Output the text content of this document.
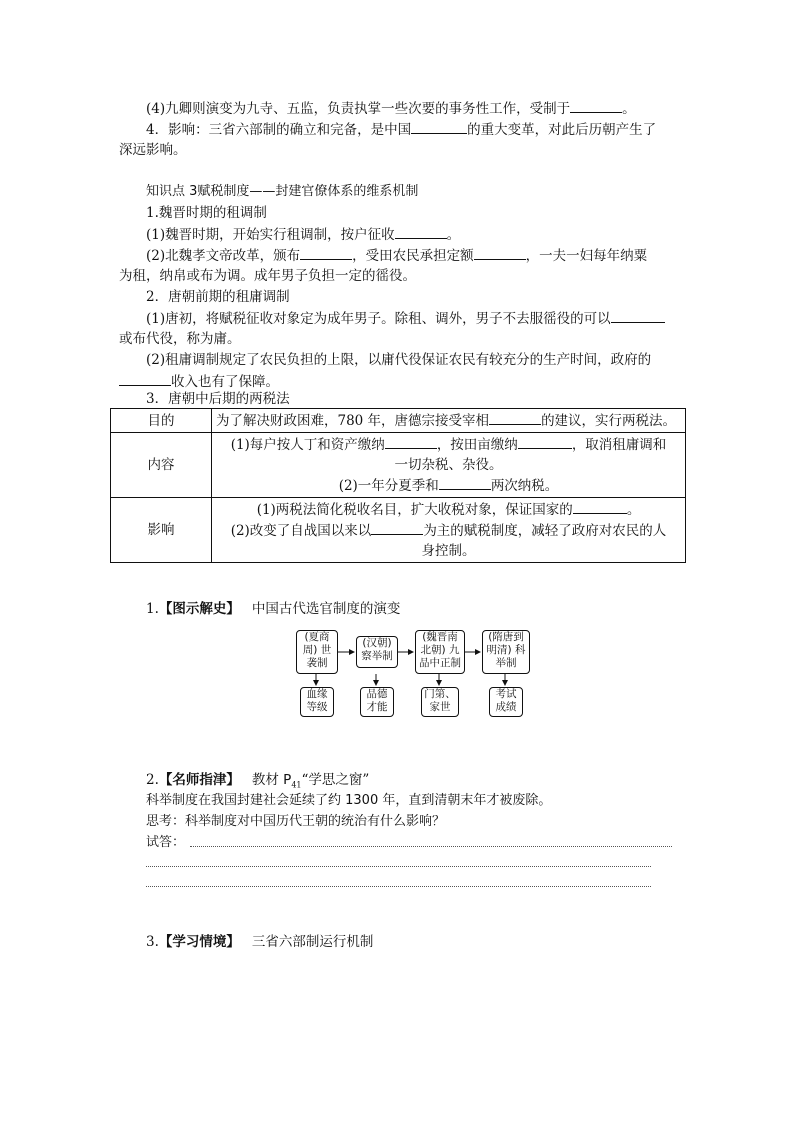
(4)九卿则演变为九寺、五监，负责执掌一些次要的事务性工作，受制于	。
4．影响：三省六部制的确立和完备，是中国	的重大变革，对此后历朝产生了
深远影响。
知识点 3赋税制度——封建官僚体系的维系机制
1.魏晋时期的租调制
(1)魏晋时期，开始实行租调制，按户征收	。
(2)北魏孝文帝改革，颁布	，受田农民承担定额	，一夫一妇每年纳粟
为租，纳帛或布为调。成年男子负担一定的徭役。
2．唐朝前期的租庸调制
(1)唐初，将赋税征收对象定为成年男子。除租、调外，男子不去服徭役的可以
或布代役，称为庸。
(2)租庸调制规定了农民负担的上限，以庸代役保证农民有较充分的生产时间，政府的
收入也有了保障。
3．唐朝中后期的两税法
目的	为了解决财政困难，780 年，唐德宗接受宰相 的建议，实行两税法。
内容	(1)每户按人丁和资产缴纳 ，按田亩缴纳 ，取消租庸调和
一切杂税、杂役。
(2)一年分夏季和 两次纳税。

影响	(1)两税法简化税收名目，扩大收税对象，保证国家的 。
(2)改变了自战国以来以 为主的赋税制度，减轻了政府对农民的人
身控制。
1.【图示解史】 中国古代选官制度的演变
(夏商
周) 世
袭制
(汉朝)
察举制
(魏晋南
北朝) 九
品中正制
(隋唐到
明清) 科
举制
血缘
等级
品德
才能
门第、
家世
考试
成绩
2.【名师指津】 教材 $P_{41}“$学思之窗”
科举制度在我国封建社会延续了约 1300 年，直到清朝末年才被废除。
思考：科举制度对中国历代王朝的统治有什么影响？
试答：
3.【学习情境】 三省六部制运行机制
